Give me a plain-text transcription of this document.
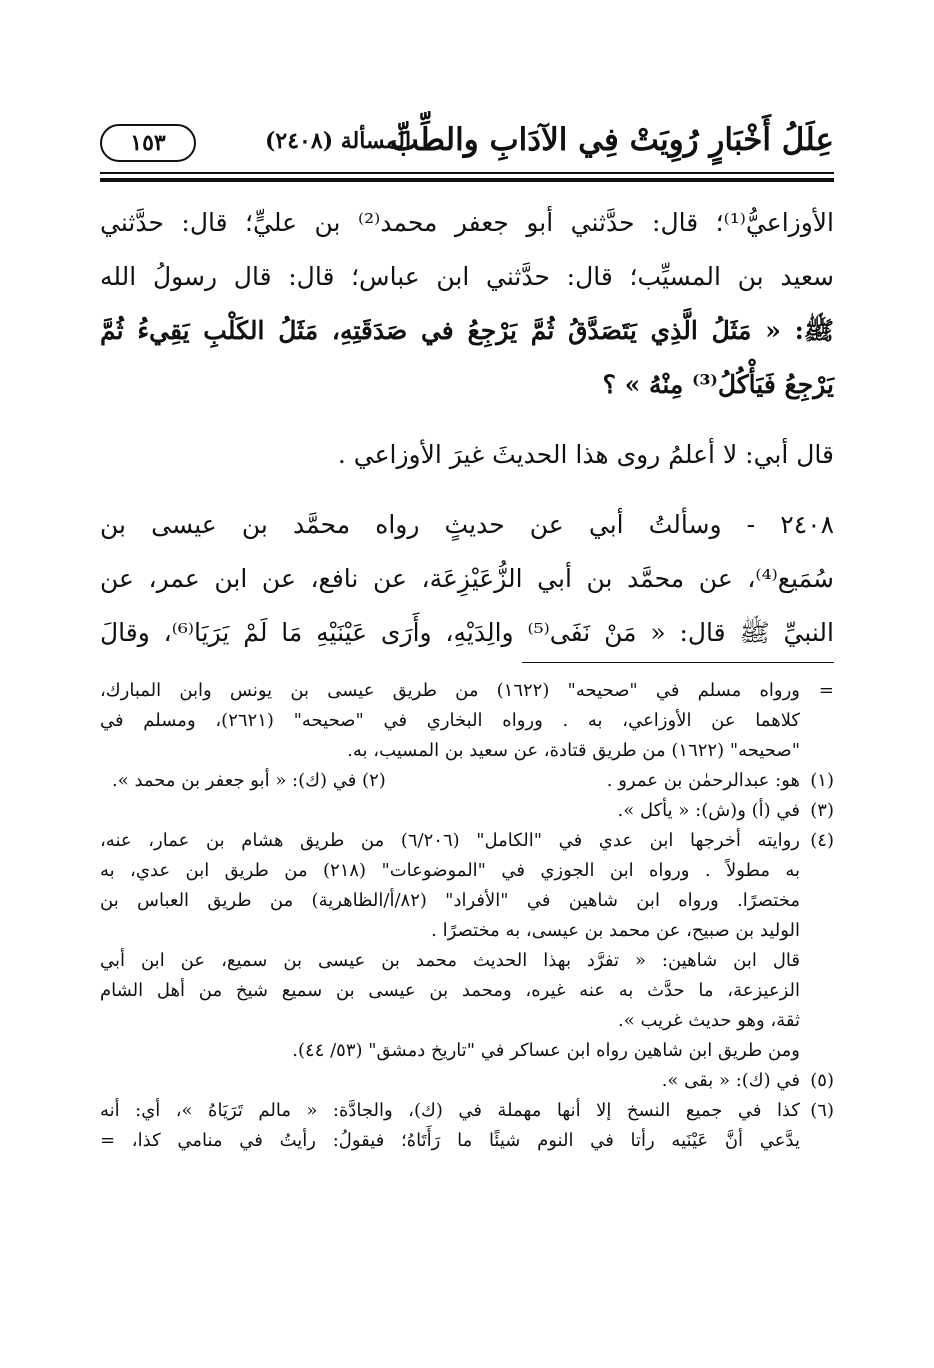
عِلَلُ أَخْبَارٍ رُوِيَتْ فِي الآدَابِ والطِّبِّ
المسألة (٢٤٠٨)
١٥٣
الأوزاعيُّ⁽¹⁾؛ قال: حدَّثني أبو جعفر محمد⁽²⁾ بن عليٍّ؛ قال: حدَّثني
سعيد بن المسيِّب؛ قال: حدَّثني ابن عباس؛ قال: قال رسولُ الله
ﷺ: « مَثَلُ الَّذِي يَتَصَدَّقُ ثُمَّ يَرْجِعُ في صَدَقَتِهِ، مَثَلُ الكَلْبِ يَقِيءُ ثُمَّ
يَرْجِعُ فَيَأْكُلُ⁽³⁾ مِنْهُ » ؟
قال أبي: لا أعلمُ روى هذا الحديثَ غيرَ الأوزاعي .
٢٤٠٨ - وسألتُ أبي عن حديثٍ رواه محمَّد بن عيسى بن
سُمَيع⁽⁴⁾، عن محمَّد بن أبي الزُّعَيْزِعَة، عن نافع، عن ابن عمر، عن
النبيِّ ﷺ قال: « مَنْ نَفَى⁽⁵⁾ والِدَيْهِ، وأَرَى عَيْنَيْهِ مَا لَمْ يَرَيَا⁽⁶⁾، وقالَ
=
ورواه مسلم في "صحيحه" (١٦٢٢) من طريق عيسى بن يونس وابن المبارك،
كلاهما عن الأوزاعي، به . ورواه البخاري في "صحيحه" (٢٦٢١)، ومسلم في
"صحيحه" (١٦٢٢) من طريق قتادة، عن سعيد بن المسيب، به.
(١)
هو: عبدالرحمٰن بن عمرو .
(٢) في (ك): « أبو جعفر بن محمد ».
(٣)
في (أ) و(ش): « يأكل ».
(٤)
روايته أخرجها ابن عدي في "الكامل" (٦/٢٠٦) من طريق هشام بن عمار، عنه،
به مطولاً . ورواه ابن الجوزي في "الموضوعات" (٢١٨) من طريق ابن عدي، به
مختصرًا. ورواه ابن شاهين في "الأفراد" (٨٢/أ/الظاهرية) من طريق العباس بن
الوليد بن صبيح، عن محمد بن عيسى، به مختصرًا .
قال ابن شاهين: « تفرَّد بهذا الحديث محمد بن عيسى بن سميع، عن ابن أبي
الزعيزعة، ما حدَّث به عنه غيره، ومحمد بن عيسى بن سميع شيخ من أهل الشام
ثقة، وهو حديث غريب ».
ومن طريق ابن شاهين رواه ابن عساكر في "تاريخ دمشق" (٥٣/ ٤٤).
(٥)
في (ك): « بقى ».
(٦)
كذا في جميع النسخ إلا أنها مهملة في (ك)، والجادَّة: « مالم تَرَيَاهُ »، أي: أنه
يدَّعي أنَّ عَيْنَيه رأتا في النوم شيئًا ما رَأَتَاهُ؛ فيقولُ: رأيتُ في منامي كذا، =
